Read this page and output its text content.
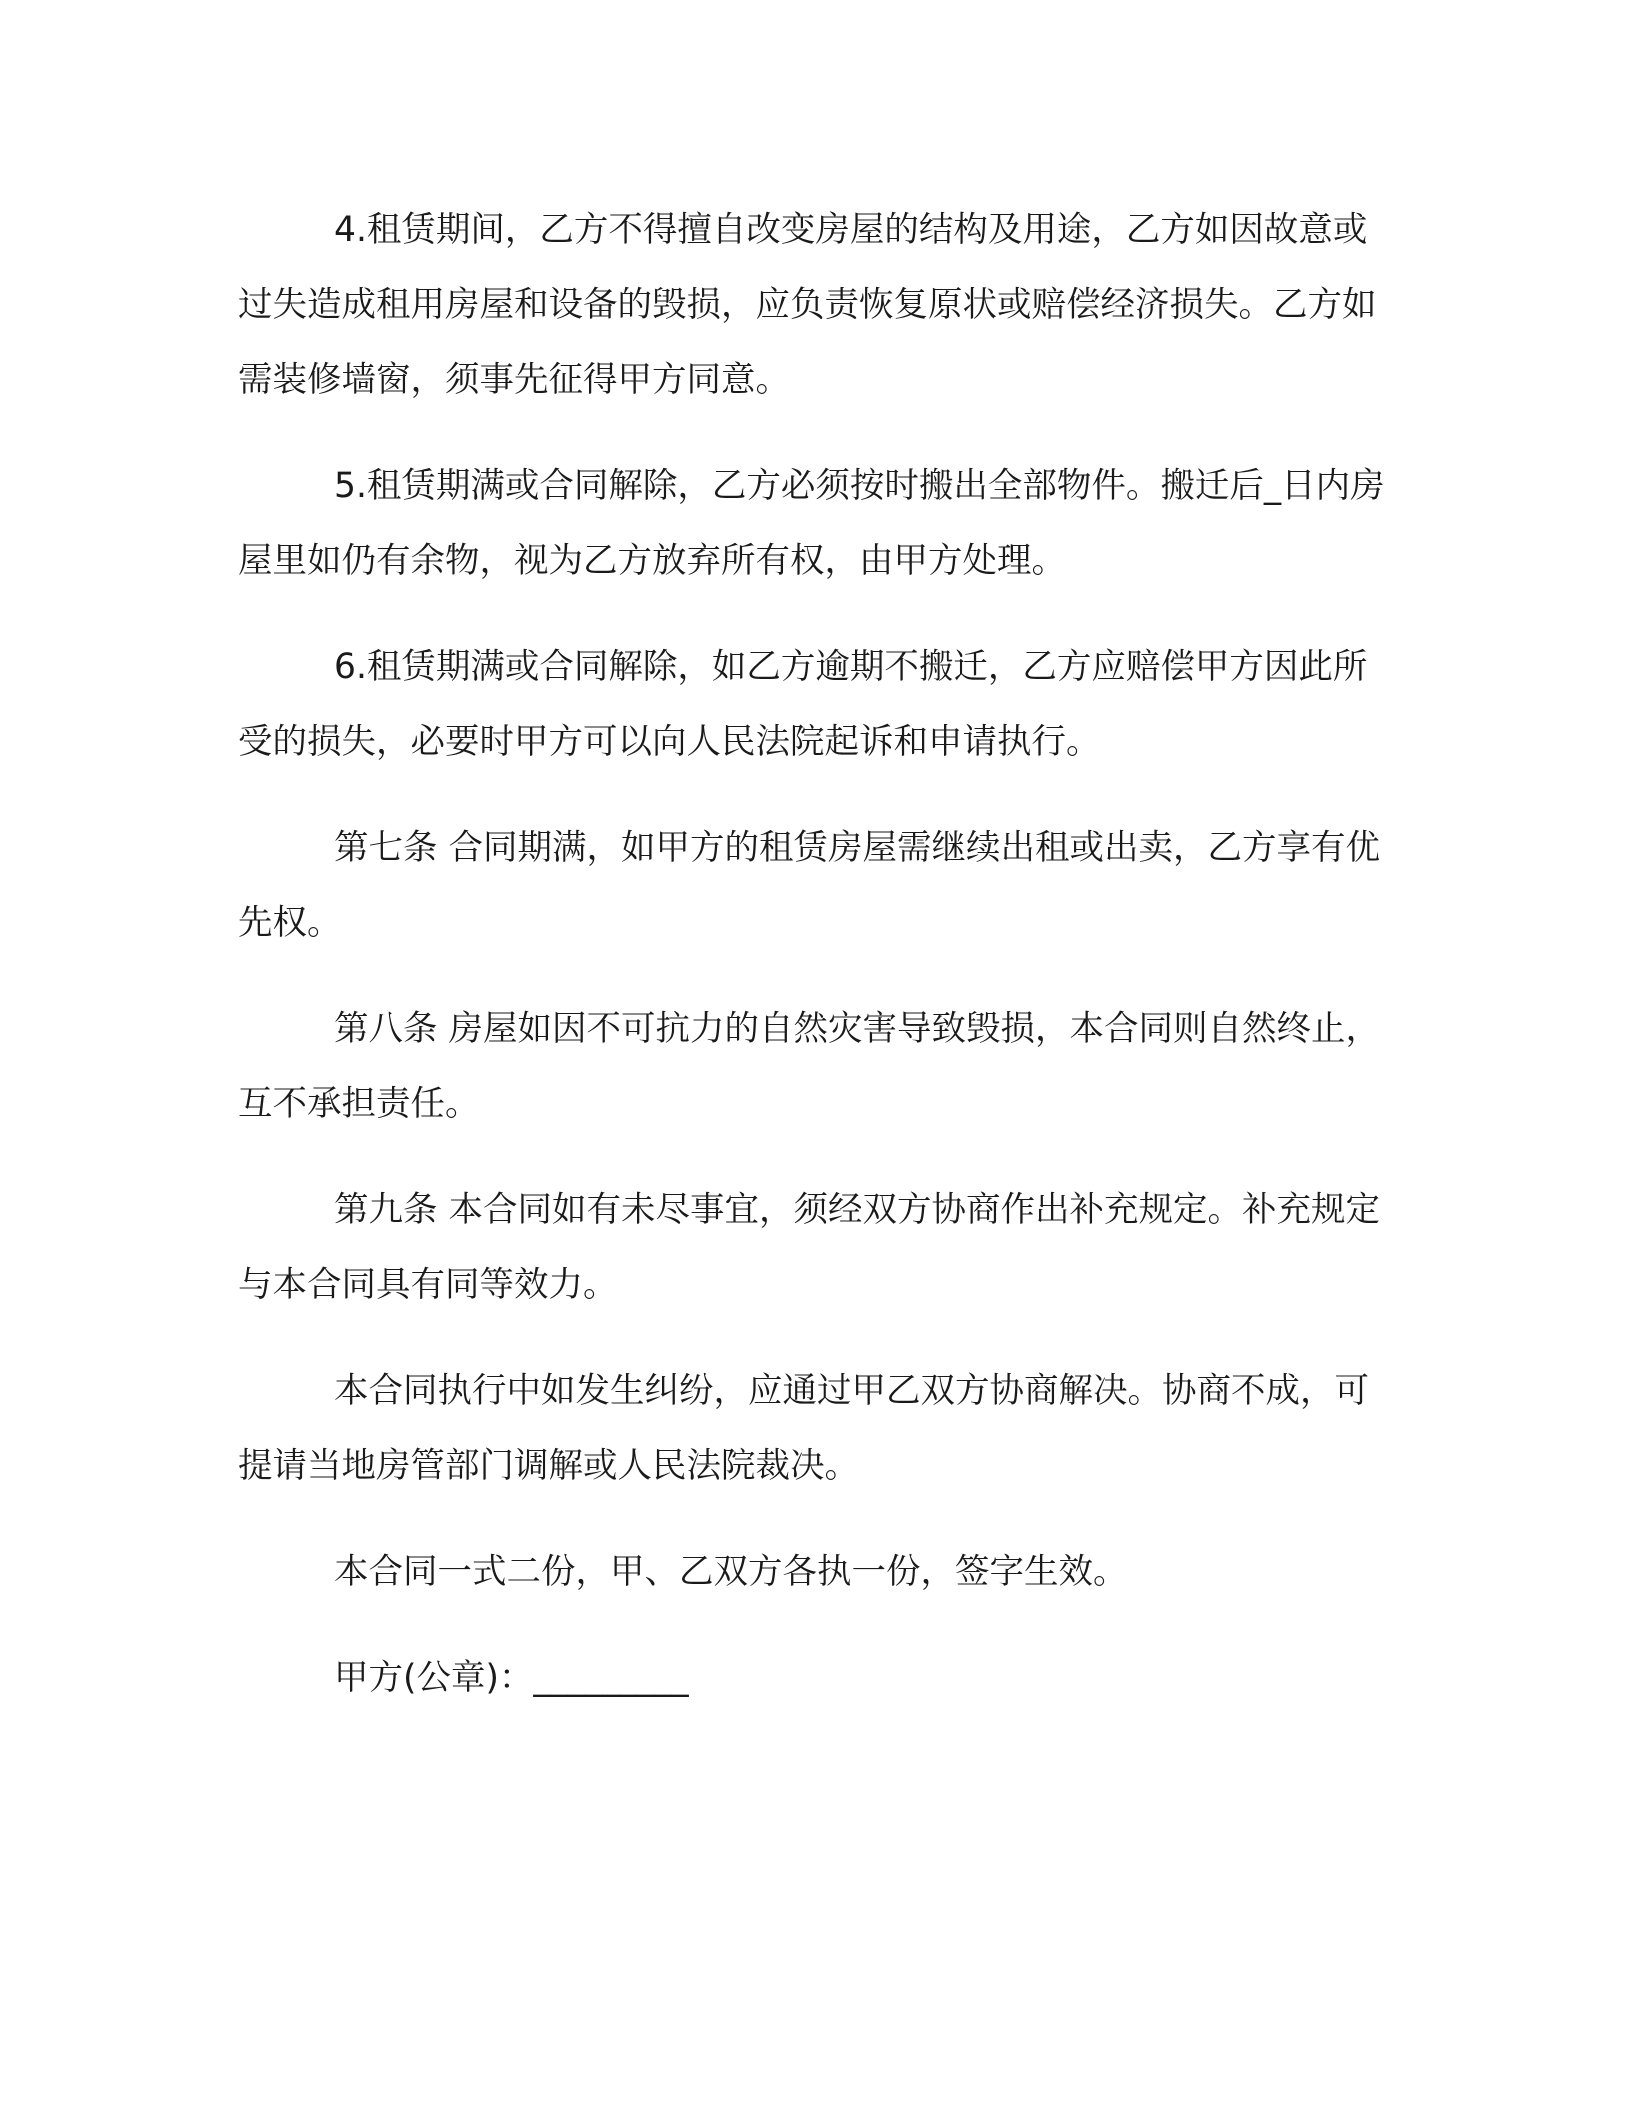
4.租赁期间，乙方不得擅自改变房屋的结构及用途，乙方如因故意或过失造成租用房屋和设备的毁损，应负责恢复原状或赔偿经济损失。乙方如需装修墙窗，须事先征得甲方同意。

5.租赁期满或合同解除，乙方必须按时搬出全部物件。搬迁后_日内房屋里如仍有余物，视为乙方放弃所有权，由甲方处理。

6.租赁期满或合同解除，如乙方逾期不搬迁，乙方应赔偿甲方因此所受的损失，必要时甲方可以向人民法院起诉和申请执行。

第七条 合同期满，如甲方的租赁房屋需继续出租或出卖，乙方享有优先权。

第八条 房屋如因不可抗力的自然灾害导致毁损，本合同则自然终止，互不承担责任。

第九条 本合同如有未尽事宜，须经双方协商作出补充规定。补充规定与本合同具有同等效力。

本合同执行中如发生纠纷，应通过甲乙双方协商解决。协商不成，可提请当地房管部门调解或人民法院裁决。

本合同一式二份，甲、乙双方各执一份，签字生效。

甲方(公章)：_________
